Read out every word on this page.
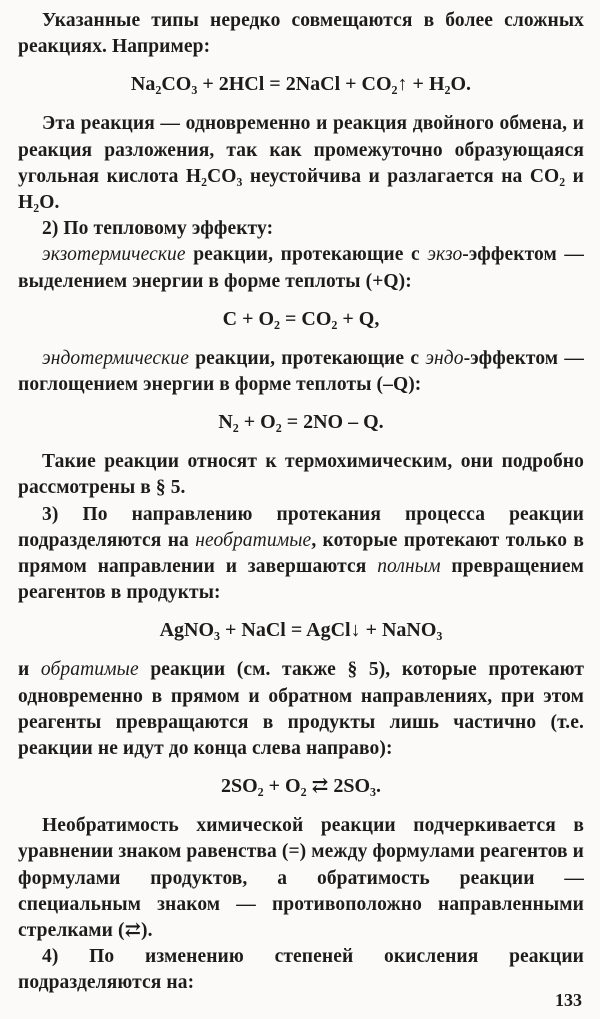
Указанные типы нередко совмещаются в более сложных реакциях. Например:

Na₂CO₃ + 2HCl = 2NaCl + CO₂↑ + H₂O.

Эта реакция — одновременно и реакция двойного обмена, и реакция разложения, так как промежуточно образующаяся угольная кислота H₂CO₃ неустойчива и разлагается на CO₂ и H₂O.

2) По тепловому эффекту:

экзотермические реакции, протекающие с экзо-эффектом — выделением энергии в форме теплоты (+Q):

C + O₂ = CO₂ + Q,

эндотермические реакции, протекающие с эндо-эффектом — поглощением энергии в форме теплоты (–Q):

N₂ + O₂ = 2NO – Q.

Такие реакции относят к термохимическим, они подробно рассмотрены в § 5.

3) По направлению протекания процесса реакции подразделяются на необратимые, которые протекают только в прямом направлении и завершаются полным превращением реагентов в продукты:

AgNO₃ + NaCl = AgCl↓ + NaNO₃

и обратимые реакции (см. также § 5), которые протекают одновременно в прямом и обратном направлениях, при этом реагенты превращаются в продукты лишь частично (т.е. реакции не идут до конца слева направо):

2SO₂ + O₂ ⇄ 2SO₃.

Необратимость химической реакции подчеркивается в уравнении знаком равенства (=) между формулами реагентов и формулами продуктов, а обратимость реакции — специальным знаком — противоположно направленными стрелками (⇄).

4) По изменению степеней окисления реакции подразделяются на:

133
